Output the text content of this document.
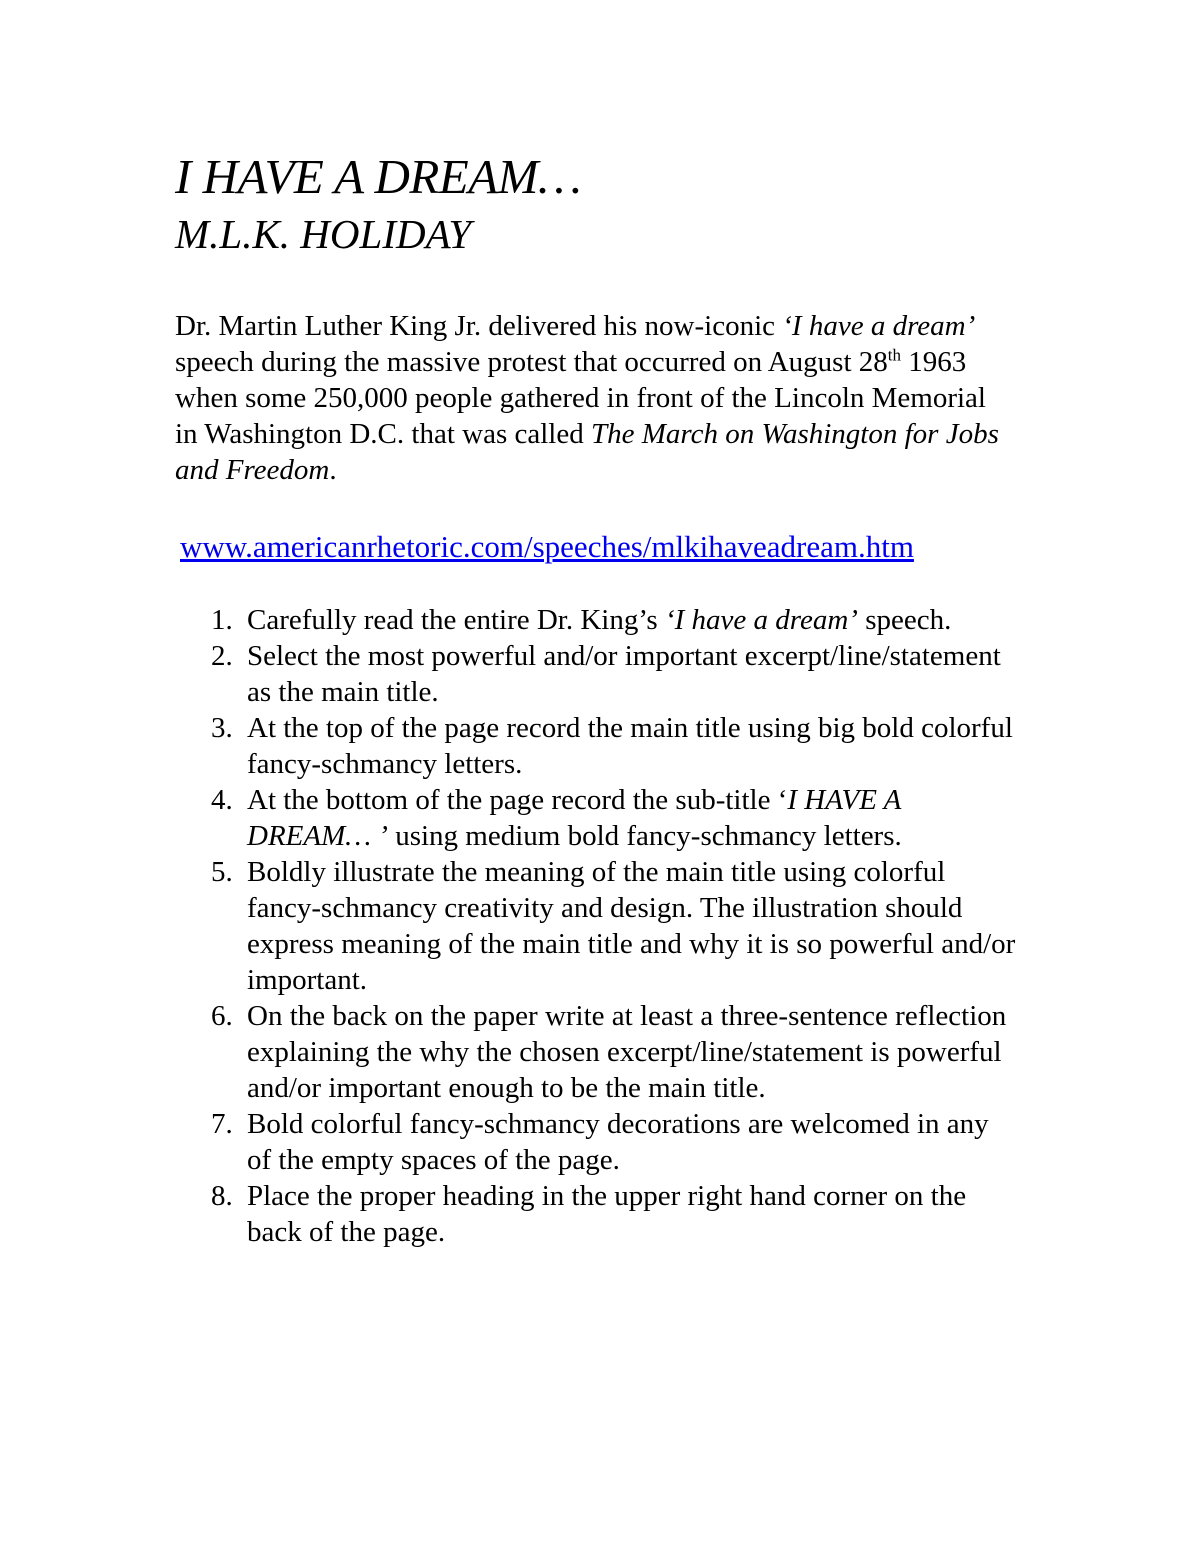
I HAVE A DREAM…
M.L.K. HOLIDAY

Dr. Martin Luther King Jr. delivered his now-iconic ‘I have a dream’ speech during the massive protest that occurred on August 28th 1963 when some 250,000 people gathered in front of the Lincoln Memorial in Washington D.C. that was called The March on Washington for Jobs and Freedom.

www.americanrhetoric.com/speeches/mlkihaveadream.htm
1. Carefully read the entire Dr. King’s ‘I have a dream’ speech.
2. Select the most powerful and/or important excerpt/line/statement as the main title.
3. At the top of the page record the main title using big bold colorful fancy-schmancy letters.
4. At the bottom of the page record the sub-title ‘I HAVE A DREAM… ’ using medium bold fancy-schmancy letters.
5. Boldly illustrate the meaning of the main title using colorful fancy-schmancy creativity and design. The illustration should express meaning of the main title and why it is so powerful and/or important.
6. On the back on the paper write at least a three-sentence reflection explaining the why the chosen excerpt/line/statement is powerful and/or important enough to be the main title.
7. Bold colorful fancy-schmancy decorations are welcomed in any of the empty spaces of the page.
8. Place the proper heading in the upper right hand corner on the back of the page.
